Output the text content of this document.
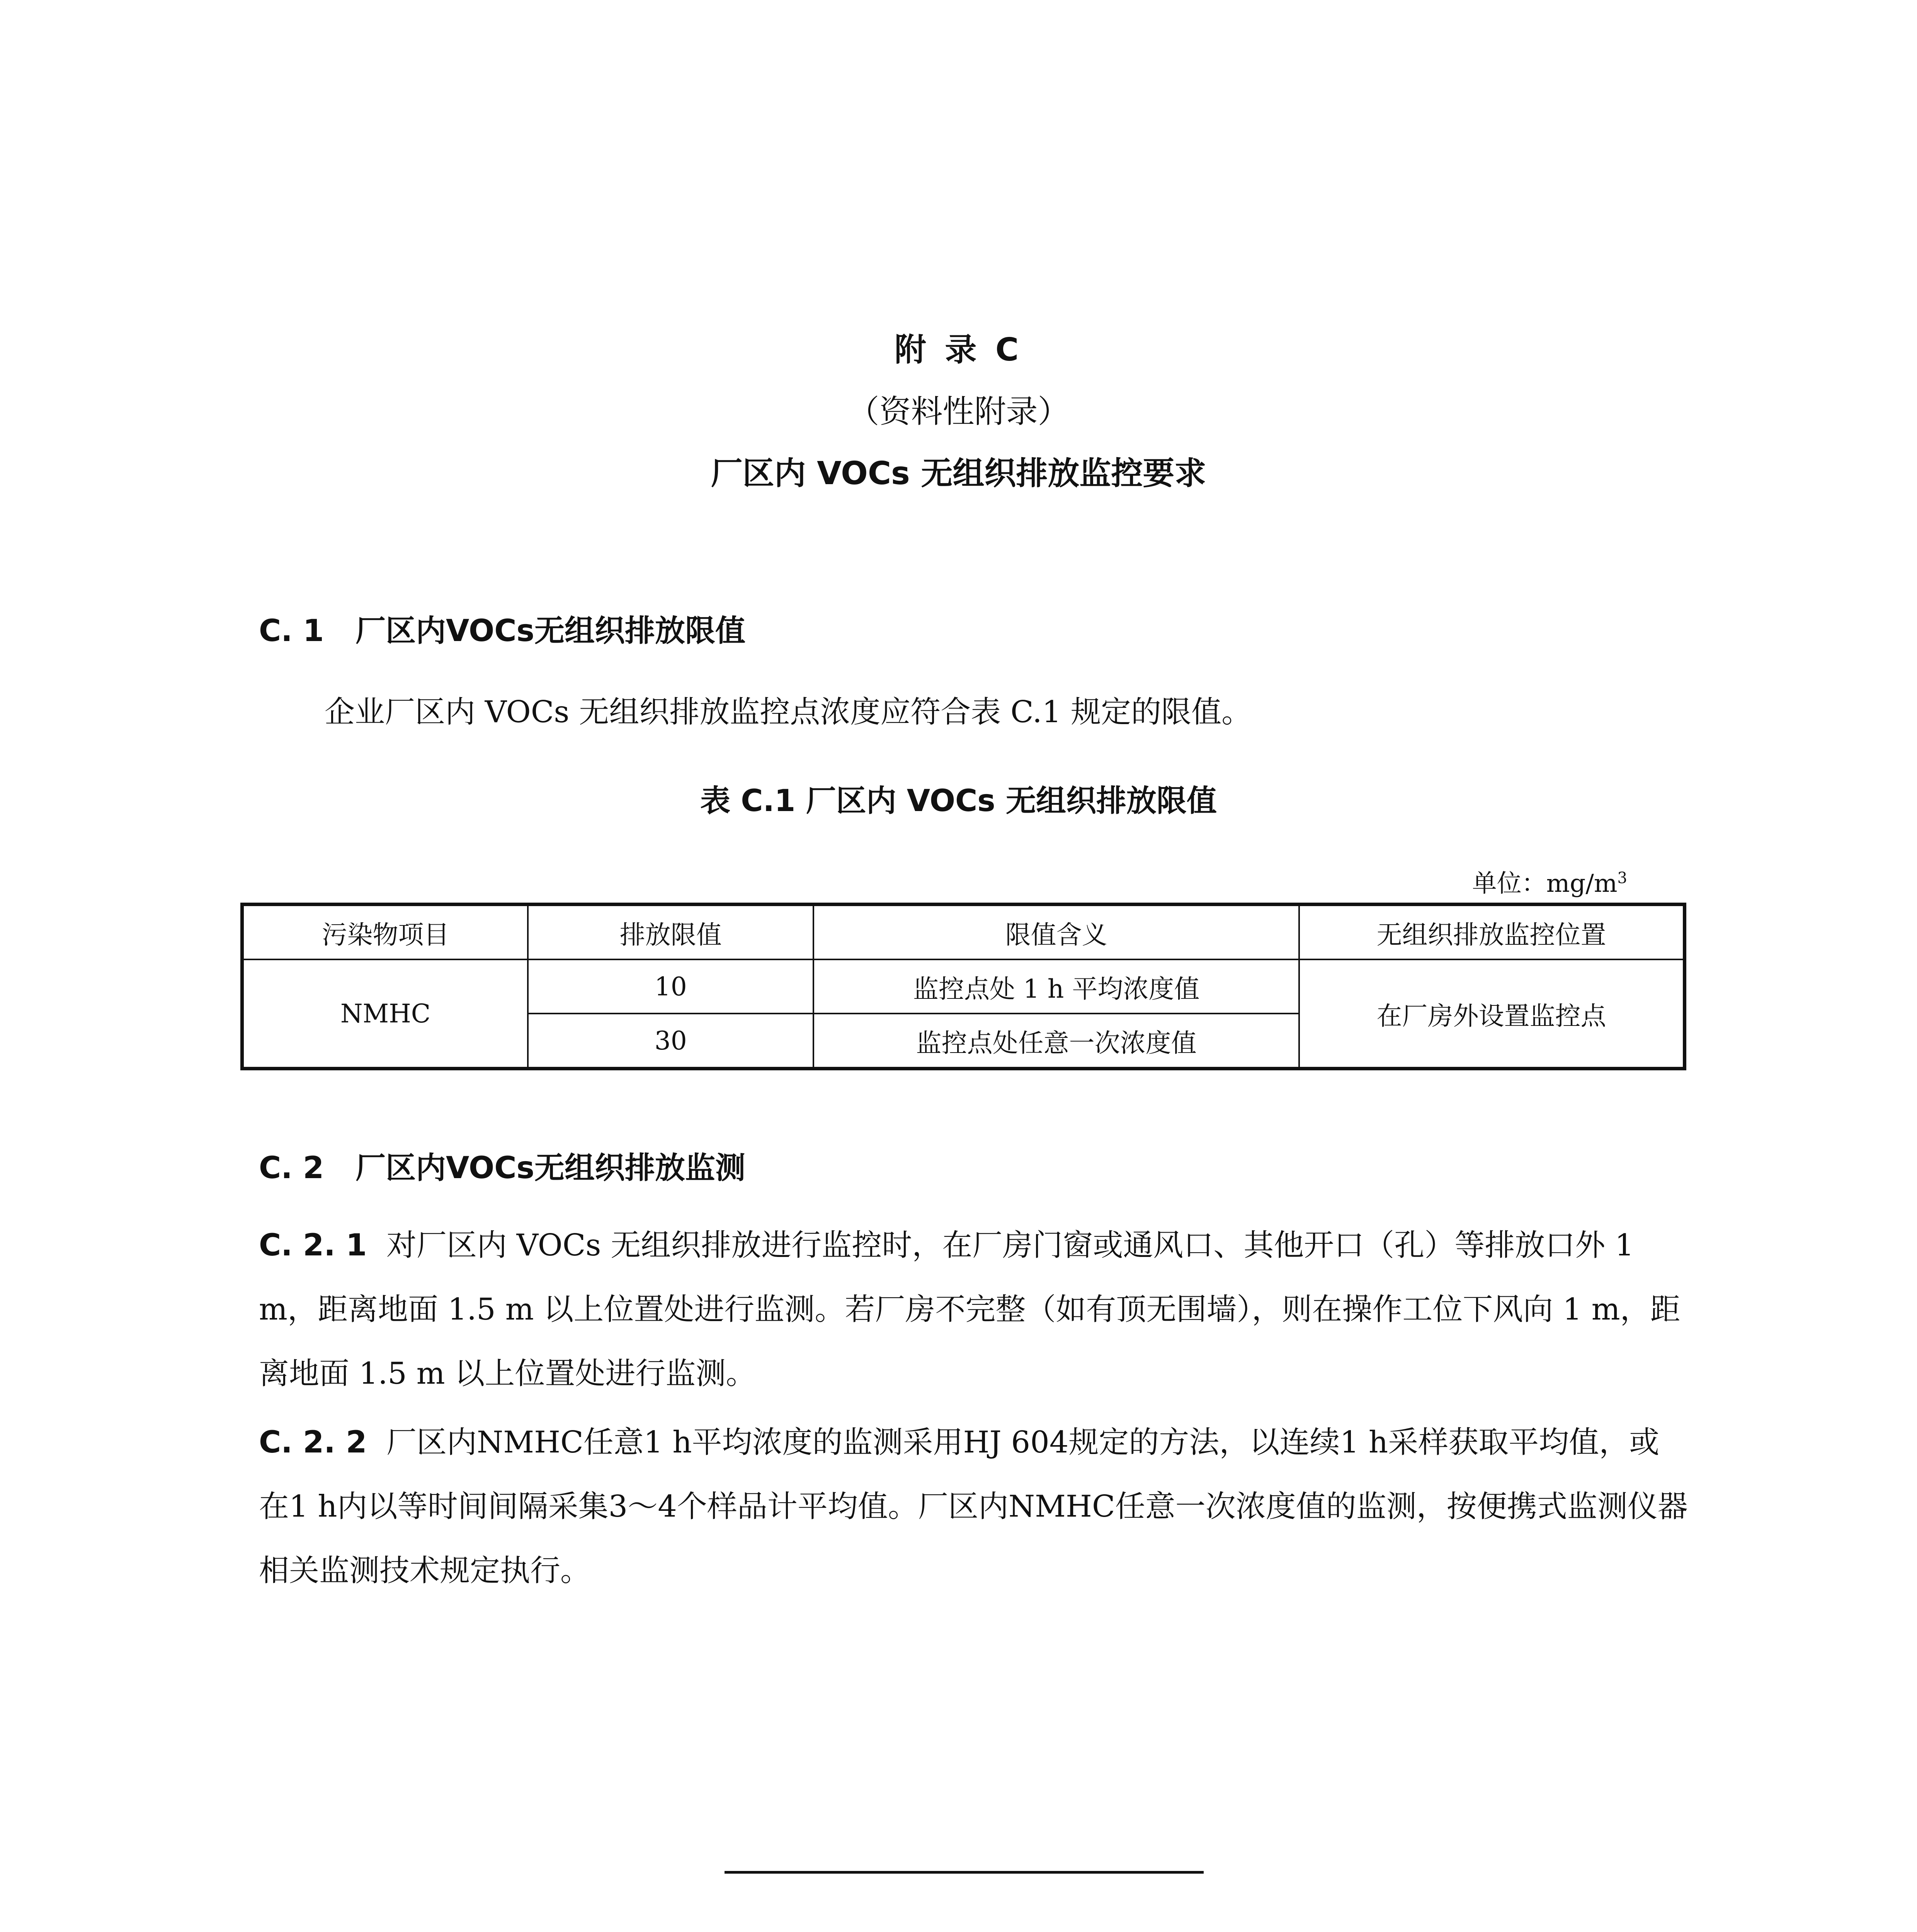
附 录 C
（资料性附录）
厂区内 VOCs 无组织排放监控要求
C. 1 厂区内VOCs无组织排放限值
企业厂区内 VOCs 无组织排放监控点浓度应符合表 C.1 规定的限值。
表 C.1 厂区内 VOCs 无组织排放限值
单位：$mg/m^3$
污染物项目	排放限值	限值含义	无组织排放监控位置
NMHC	10	监控点处 1 h 平均浓度值	在厂房外设置监控点
	30	监控点处任意一次浓度值	
C. 2 厂区内VOCs无组织排放监测
C. 2. 1 对厂区内 VOCs 无组织排放进行监控时，在厂房门窗或通风口、其他开口（孔）等排放口外 1 m，距离地面 1.5 m 以上位置处进行监测。若厂房不完整（如有顶无围墙），则在操作工位下风向 1 m，距离地面 1.5 m 以上位置处进行监测。
C. 2. 2 厂区内NMHC任意1 h平均浓度的监测采用HJ 604规定的方法，以连续1 h采样获取平均值，或在1 h内以等时间间隔采集3～4个样品计平均值。厂区内NMHC任意一次浓度值的监测，按便携式监测仪器相关监测技术规定执行。
